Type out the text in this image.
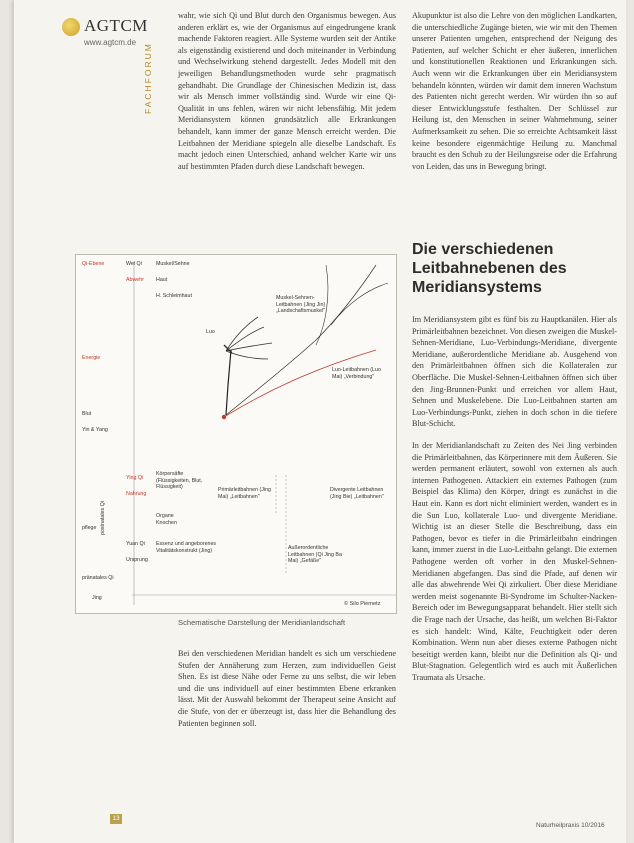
AGTCM
www.agtcm.de FACHFORUM

wahr, wie sich Qi und Blut durch den Organismus bewegen. Aus anderen erklärt es, wie der Organismus auf eingedrungene krank machende Faktoren reagiert. Alle Systeme wurden seit der Antike als eigenständig existierend und doch miteinander in Verbindung und Wechselwirkung stehend dargestellt. Jedes Modell mit den jeweiligen Behandlungsmethoden wurde sehr pragmatisch gehandhabt. Die Grundlage der Chinesischen Medizin ist, dass wir als Mensch immer vollständig sind. Wurde wir eine Qi-Qualität in uns fehlen, wären wir nicht lebensfähig. Mit jedem Meridiansystem können grundsätzlich alle Erkrankungen behandelt, kann immer der ganze Mensch erreicht werden. Die Leitbahnen der Meridiane spiegeln alle dieselbe Landschaft. Es macht jedoch einen Unterschied, anhand welcher Karte wir uns auf bestimmten Pfaden durch diese Landschaft bewegen.

Akupunktur ist also die Lehre von den möglichen Landkarten, die unterschiedliche Zugänge bieten, wie wir mit den Themen unserer Patienten umgehen, entsprechend der Neigung des Patienten, auf welcher Schicht er eher äußeren, innerlichen und konstitutionellen Reaktionen und Erkrankungen sich. Auch wenn wir die Erkrankungen über ein Meridiansystem behandeln könnten, würden wir damit dem inneren Wachstum des Patienten nicht gerecht werden. Wir würden ihn so auf dieser Entwicklungsstufe festhalten. Der Schlüssel zur Heilung ist, den Menschen in seiner Wahrnehmung, seiner Aufmerksamkeit zu sehen. Die so erreichte Achtsamkeit lässt keine besondere eigenmächtige Heilung zu. Manchmal braucht es den Schub zu der Heilungsreise oder die Erfahrung von Leiden, das uns in Bewegung bringt.

Die verschiedenen Leitbahnebenen des Meridiansystems

Im Meridiansystem gibt es fünf bis zu Hauptkanälen. Hier als Primärleitbahnen bezeichnet. Von diesen zweigen die Muskel-Sehnen-Meridiane, Luo-Verbindungs-Meridiane, divergente Meridiane, außerordentliche Meridiane ab. Ausgehend von den Primärleitbahnen öffnen sich die Kollateralen zur Oberfläche. Die Muskel-Sehnen-Leitbahnen öffnen sich über den Jing-Brunnen-Punkt und erreichen vor allem Haut, Sehnen und Muskelebene. Die Luo-Leitbahnen starten am Luo-Verbindungs-Punkt, ziehen in doch schon in die tiefere Blut-Schicht.

In der Meridianlandschaft zu Zeiten des Nei Jing verbinden die Primärleitbahnen, das Körperinnere mit dem Äußeren. Sie werden permanent erläutert, sowohl von externen als auch internen Pathogenen. Attackiert ein externes Pathogen (zum Beispiel das Klima) den Körper, dringt es zunächst in die Haut ein. Kann es dort nicht eliminiert werden, wandert es in die Sun Luo, kollaterale Luo- und divergente Meridiane. Wichtig ist an dieser Stelle die Beschreibung, dass ein Pathogen, bevor es tiefer in die Primärleitbahn eindringen kann, immer zuerst in die Luo-Leitbahn gelangt. Die externen Pathogene werden oft vorher in den Muskel-Sehnen-Meridianen abgefangen. Das sind die Pfade, auf denen wir alle das abwehrende Wei Qi zirkuliert. Über diese Meridiane werden meist sogenannte Bi-Syndrome im Schulter-Nacken-Bereich oder im Bewegungsapparat behandelt. Hier stellt sich die Frage nach der Ursache, das heißt, um welchen Bi-Faktor es sich handelt: Wind, Kälte, Feuchtigkeit oder deren Kombination. Wenn nun aber dieses externe Pathogen nicht beseitigt werden kann, bleibt nur die Definition als Qi- und Blut-Stagnation. Gelegentlich wird es auch mit Äußerlichen Traumata als Ursache.

Qi-Ebene	Wei Qi
Abwehr
Muskel/Sehne
Haut
H. Schleimhaut
Luo
Energie
Ying Qi
Nahrung
Körpersäfte (Flüssigkeiten, Blut, Flüssigkeit)
Organe Knochen
Yuan Qi
Ursprung
Essenz und angeborenes Vitalitätskonstrukt (Jing)
pränatales Qi
Jing
Blut
Yin & Yang
pflege
Muskel-Sehnen-Leitbahnen (Jing Jin) „Landschaftsmuskel"
Luo-Leitbahnen (Luo Mai) „Verbindung"
Primärleitbahnen (Jing Mai) „Leitbahnen"
Divergente Leitbahnen (Jing Bie) „Leitbahnen"
Außerordentliche Leitbahnen (Qi Jing Ba Mai) „Gefäße"
postnatales Qi
© Silo Piernetz
Schematische Darstellung der Meridianlandschaft

Bei den verschiedenen Meridian handelt es sich um verschiedene Stufen der Annäherung zum Herzen, zum individuellen Geist Shen. Es ist diese Nähe oder Ferne zu uns selbst, die wir leben und die uns individuell auf einer bestimmten Ebene erkranken lässt. Mit der Auswahl bekommt der Therapeut seine Ansicht auf die Stufe, von der er überzeugt ist, dass hier die Behandlung des Patienten beginnen soll.

13
Naturheilpraxis 10/2016
